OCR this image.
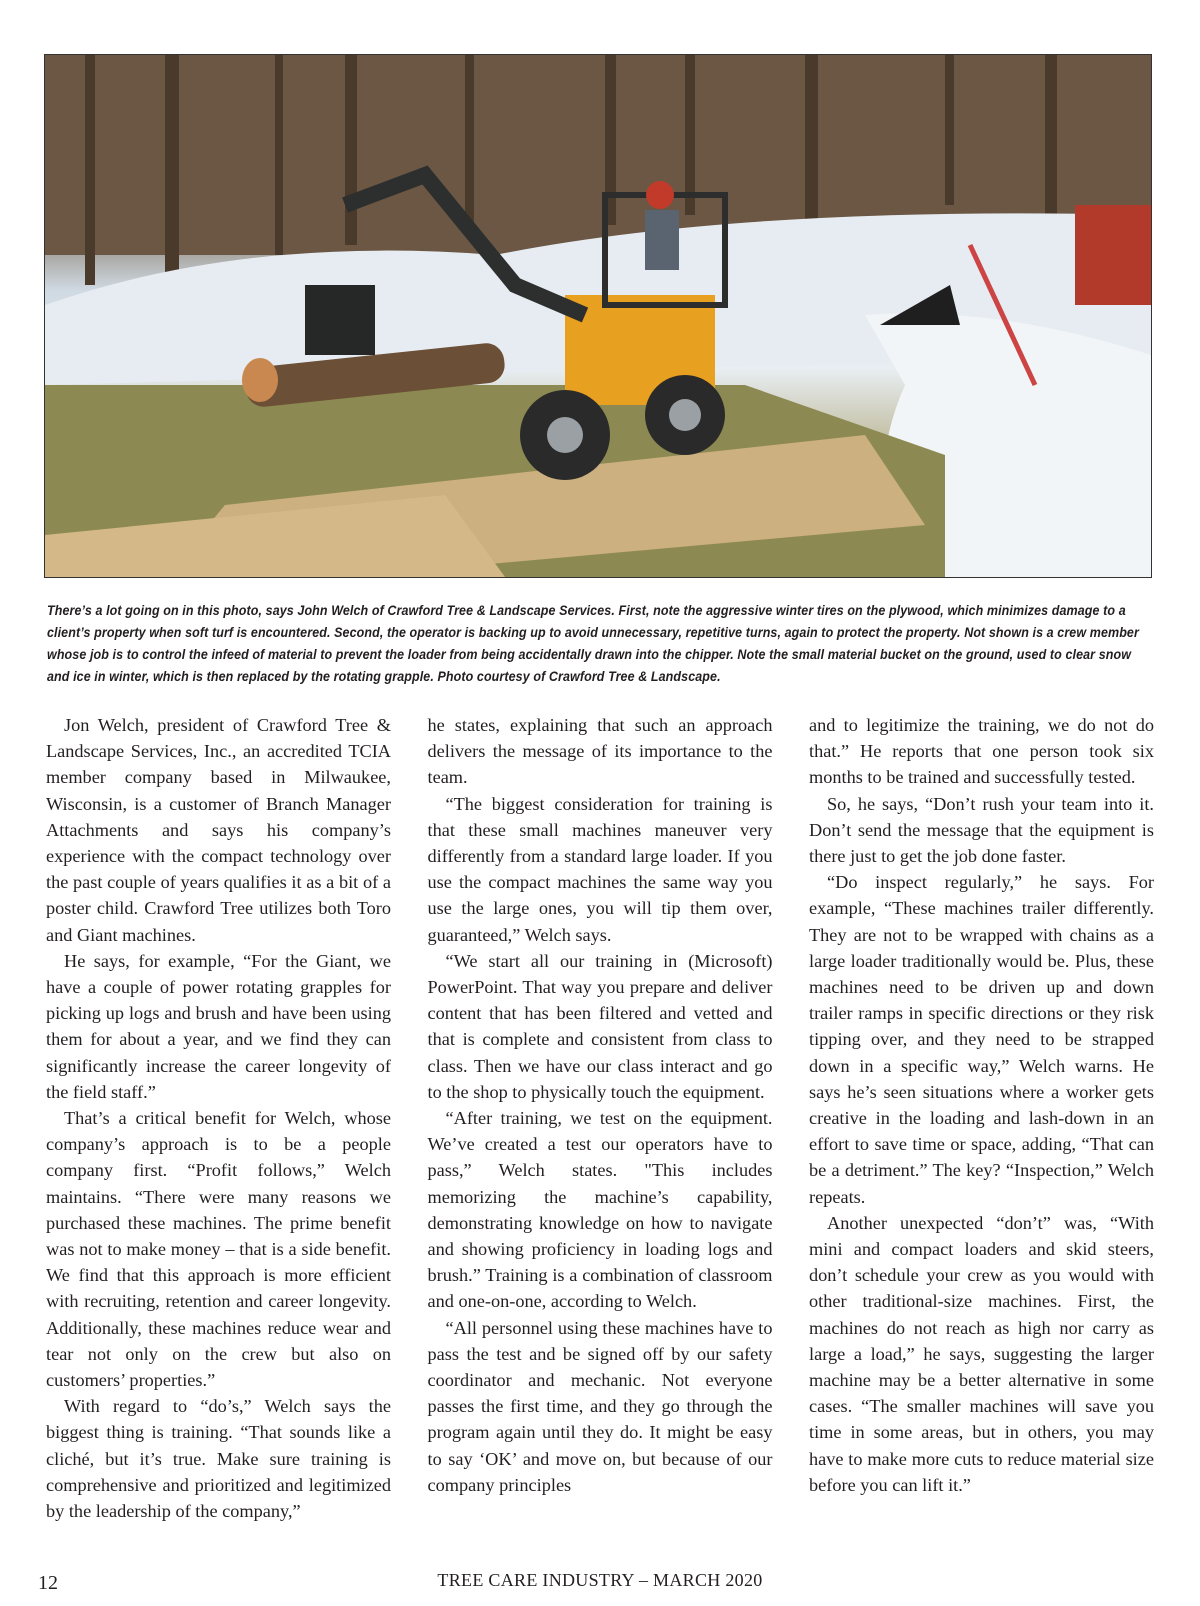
There’s a lot going on in this photo, says John Welch of Crawford Tree & Landscape Services. First, note the aggressive winter tires on the plywood, which minimizes damage to a client’s property when soft turf is encountered. Second, the operator is backing up to avoid unnecessary, repetitive turns, again to protect the property. Not shown is a crew member whose job is to control the infeed of material to prevent the loader from being accidentally drawn into the chipper. Note the small material bucket on the ground, used to clear snow and ice in winter, which is then replaced by the rotating grapple. Photo courtesy of Crawford Tree & Landscape.

Jon Welch, president of Crawford Tree & Landscape Services, Inc., an accredited TCIA member company based in Milwaukee, Wisconsin, is a customer of Branch Manager Attachments and says his company’s experience with the compact technology over the past couple of years qualifies it as a bit of a poster child. Crawford Tree utilizes both Toro and Giant machines.

He says, for example, “For the Giant, we have a couple of power rotating grapples for picking up logs and brush and have been using them for about a year, and we find they can significantly increase the career longevity of the field staff.”

That’s a critical benefit for Welch, whose company’s approach is to be a people company first. “Profit follows,” Welch maintains. “There were many reasons we purchased these machines. The prime benefit was not to make money – that is a side benefit. We find that this approach is more efficient with recruiting, retention and career longevity. Additionally, these machines reduce wear and tear not only on the crew but also on customers’ properties.”

With regard to “do’s,” Welch says the biggest thing is training. “That sounds like a cliché, but it’s true. Make sure training is comprehensive and prioritized and legitimized by the leadership of the company,”

he states, explaining that such an approach delivers the message of its importance to the team.

“The biggest consideration for training is that these small machines maneuver very differently from a standard large loader. If you use the compact machines the same way you use the large ones, you will tip them over, guaranteed,” Welch says.

“We start all our training in (Microsoft) PowerPoint. That way you prepare and deliver content that has been filtered and vetted and that is complete and consistent from class to class. Then we have our class interact and go to the shop to physically touch the equipment.

“After training, we test on the equipment. We’ve created a test our operators have to pass,” Welch states. "This includes memorizing the machine’s capability, demonstrating knowledge on how to navigate and showing proficiency in loading logs and brush.” Training is a combination of classroom and one-on-one, according to Welch.

“All personnel using these machines have to pass the test and be signed off by our safety coordinator and mechanic. Not everyone passes the first time, and they go through the program again until they do. It might be easy to say ‘OK’ and move on, but because of our company principles

and to legitimize the training, we do not do that.” He reports that one person took six months to be trained and successfully tested.

So, he says, “Don’t rush your team into it. Don’t send the message that the equipment is there just to get the job done faster.

“Do inspect regularly,” he says. For example, “These machines trailer differently. They are not to be wrapped with chains as a large loader traditionally would be. Plus, these machines need to be driven up and down trailer ramps in specific directions or they risk tipping over, and they need to be strapped down in a specific way,” Welch warns. He says he’s seen situations where a worker gets creative in the loading and lash-down in an effort to save time or space, adding, “That can be a detriment.” The key? “Inspection,” Welch repeats.

Another unexpected “don’t” was, “With mini and compact loaders and skid steers, don’t schedule your crew as you would with other traditional-size machines. First, the machines do not reach as high nor carry as large a load,” he says, suggesting the larger machine may be a better alternative in some cases. “The smaller machines will save you time in some areas, but in others, you may have to make more cuts to reduce material size before you can lift it.”

12	TREE CARE INDUSTRY – MARCH 2020
